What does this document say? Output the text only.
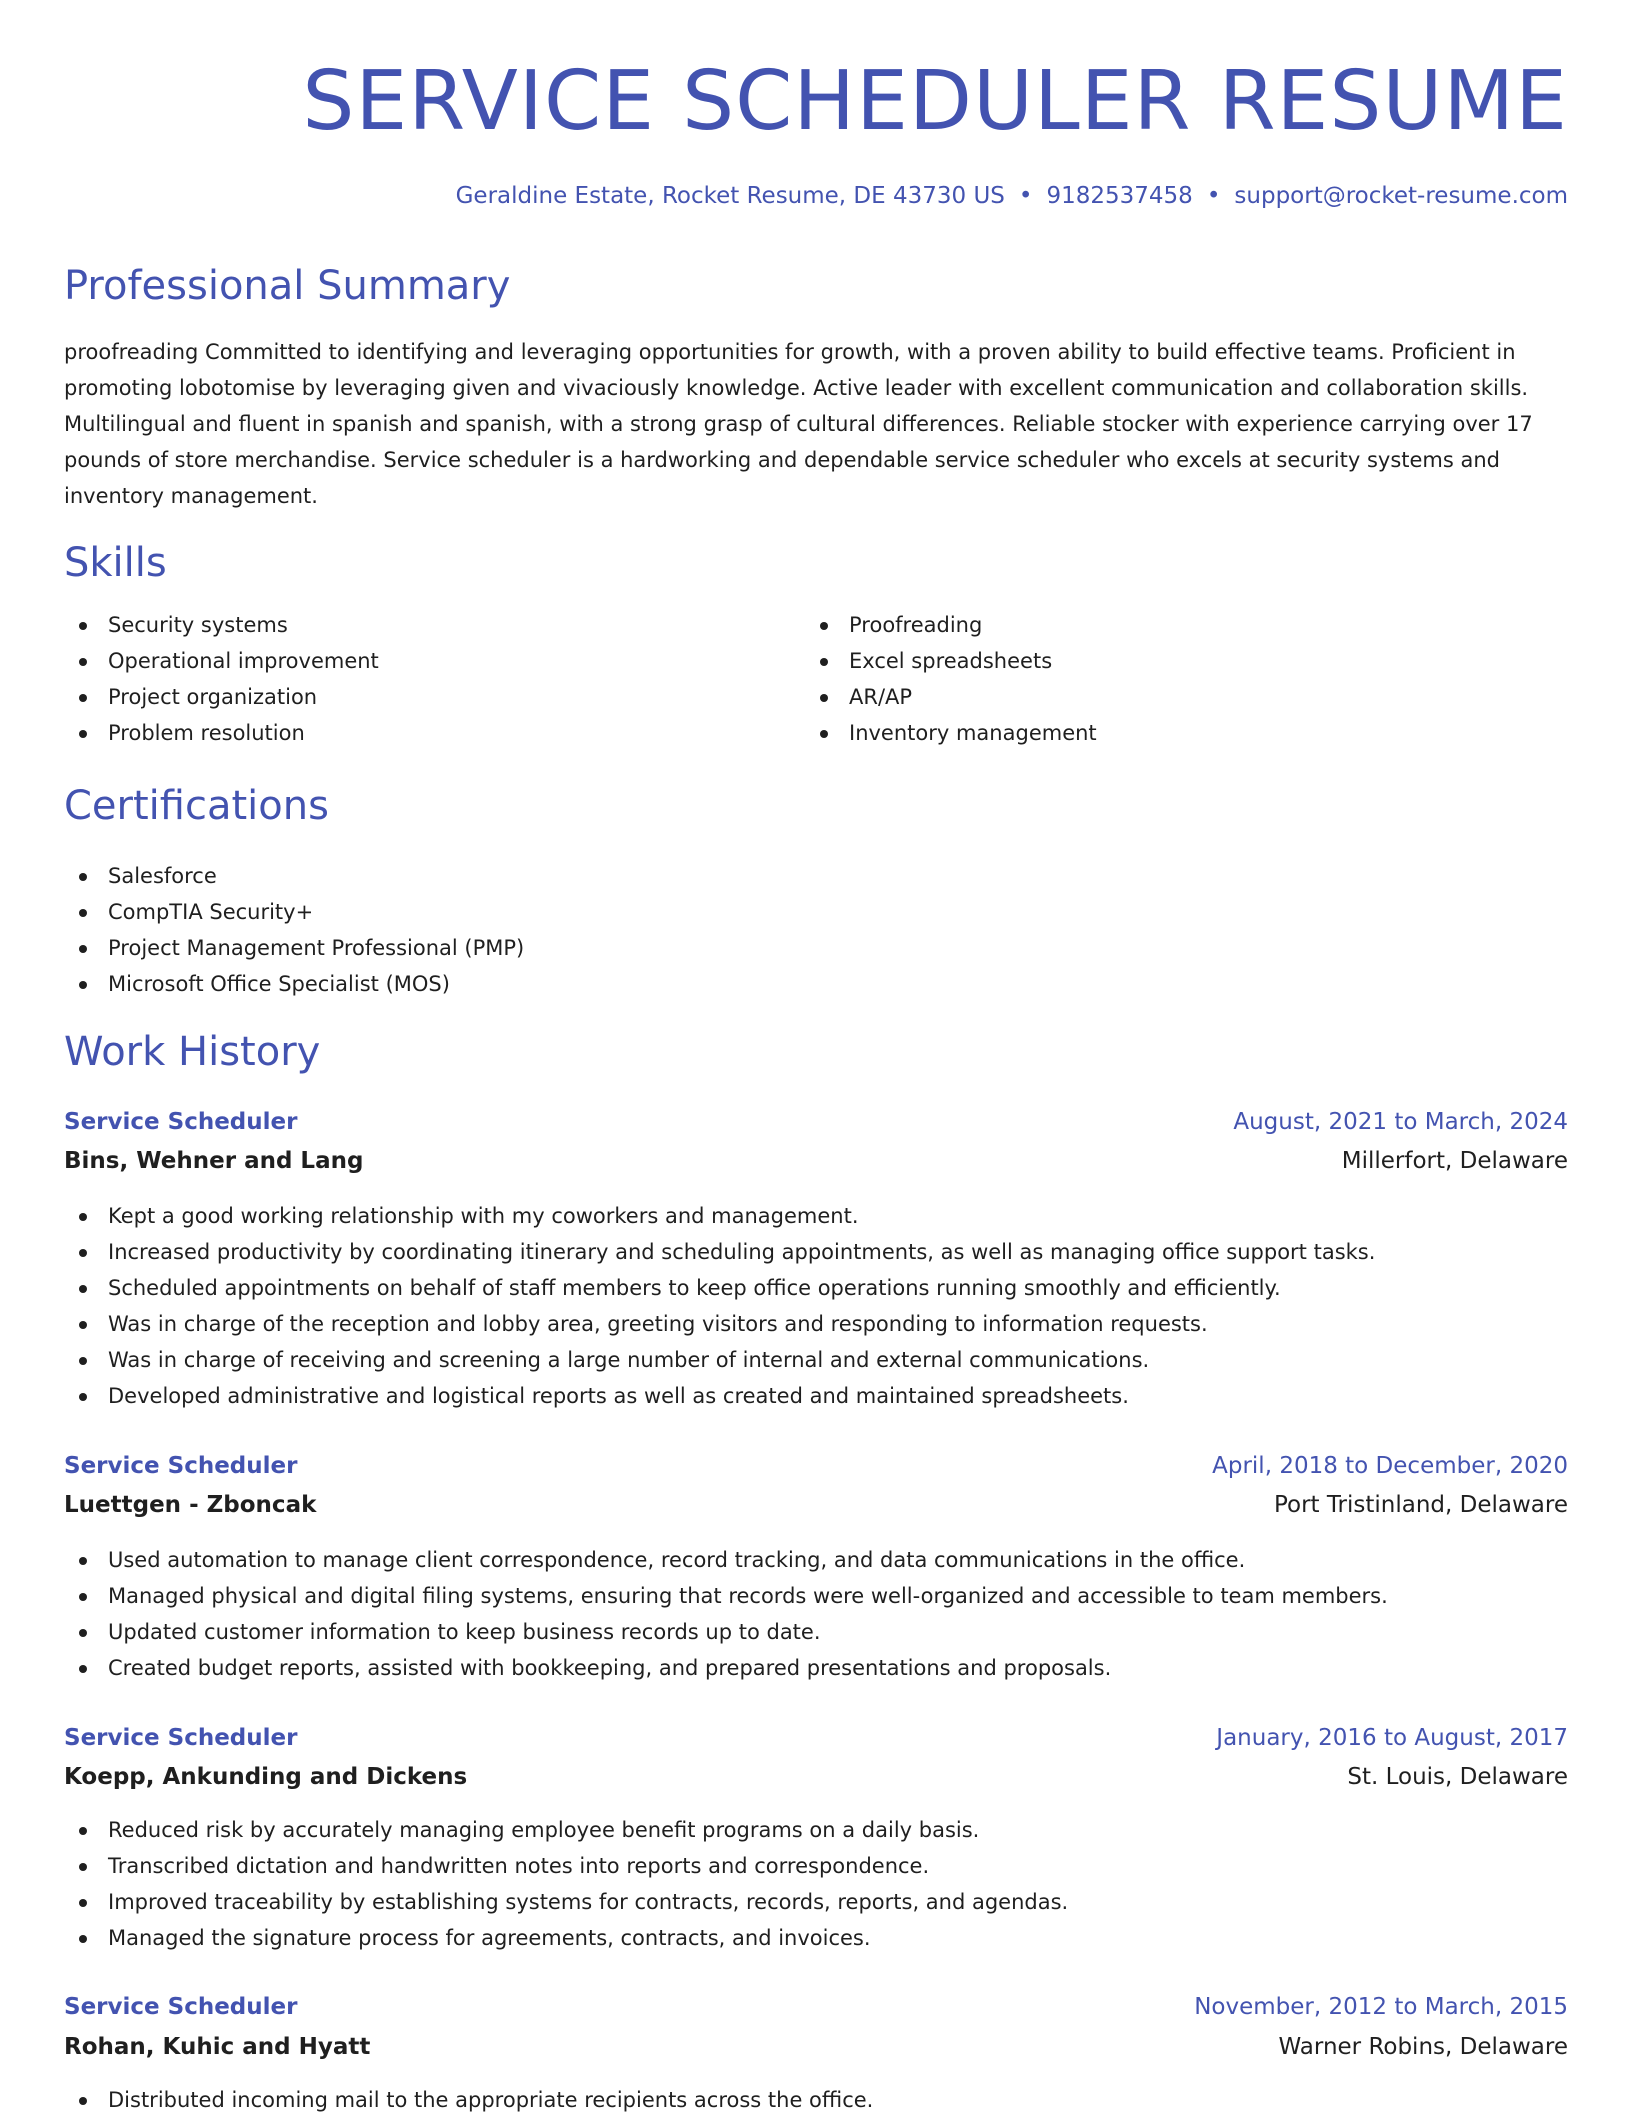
SERVICE SCHEDULER RESUME
Geraldine Estate, Rocket Resume, DE 43730 US • 9182537458 • support@rocket-resume.com
Professional Summary

proofreading Committed to identifying and leveraging opportunities for growth, with a proven ability to build effective teams. Proficient in promoting lobotomise by leveraging given and vivaciously knowledge. Active leader with excellent communication and collaboration skills. Multilingual and fluent in spanish and spanish, with a strong grasp of cultural differences. Reliable stocker with experience carrying over 17 pounds of store merchandise. Service scheduler is a hardworking and dependable service scheduler who excels at security systems and inventory management.

Skills
Security systems
Operational improvement
Project organization
Problem resolution
Proofreading
Excel spreadsheets
AR/AP
Inventory management
Certifications
Salesforce
CompTIA Security+
Project Management Professional (PMP)
Microsoft Office Specialist (MOS)
Work History
Service Scheduler	August, 2021 to March, 2024
Bins, Wehner and Lang	Millerfort, Delaware
Kept a good working relationship with my coworkers and management.
Increased productivity by coordinating itinerary and scheduling appointments, as well as managing office support tasks.
Scheduled appointments on behalf of staff members to keep office operations running smoothly and efficiently.
Was in charge of the reception and lobby area, greeting visitors and responding to information requests.
Was in charge of receiving and screening a large number of internal and external communications.
Developed administrative and logistical reports as well as created and maintained spreadsheets.
Service Scheduler	April, 2018 to December, 2020
Luettgen - Zboncak	Port Tristinland, Delaware
Used automation to manage client correspondence, record tracking, and data communications in the office.
Managed physical and digital filing systems, ensuring that records were well-organized and accessible to team members.
Updated customer information to keep business records up to date.
Created budget reports, assisted with bookkeeping, and prepared presentations and proposals.
Service Scheduler	January, 2016 to August, 2017
Koepp, Ankunding and Dickens	St. Louis, Delaware
Reduced risk by accurately managing employee benefit programs on a daily basis.
Transcribed dictation and handwritten notes into reports and correspondence.
Improved traceability by establishing systems for contracts, records, reports, and agendas.
Managed the signature process for agreements, contracts, and invoices.
Service Scheduler	November, 2012 to March, 2015
Rohan, Kuhic and Hyatt	Warner Robins, Delaware
Distributed incoming mail to the appropriate recipients across the office.
